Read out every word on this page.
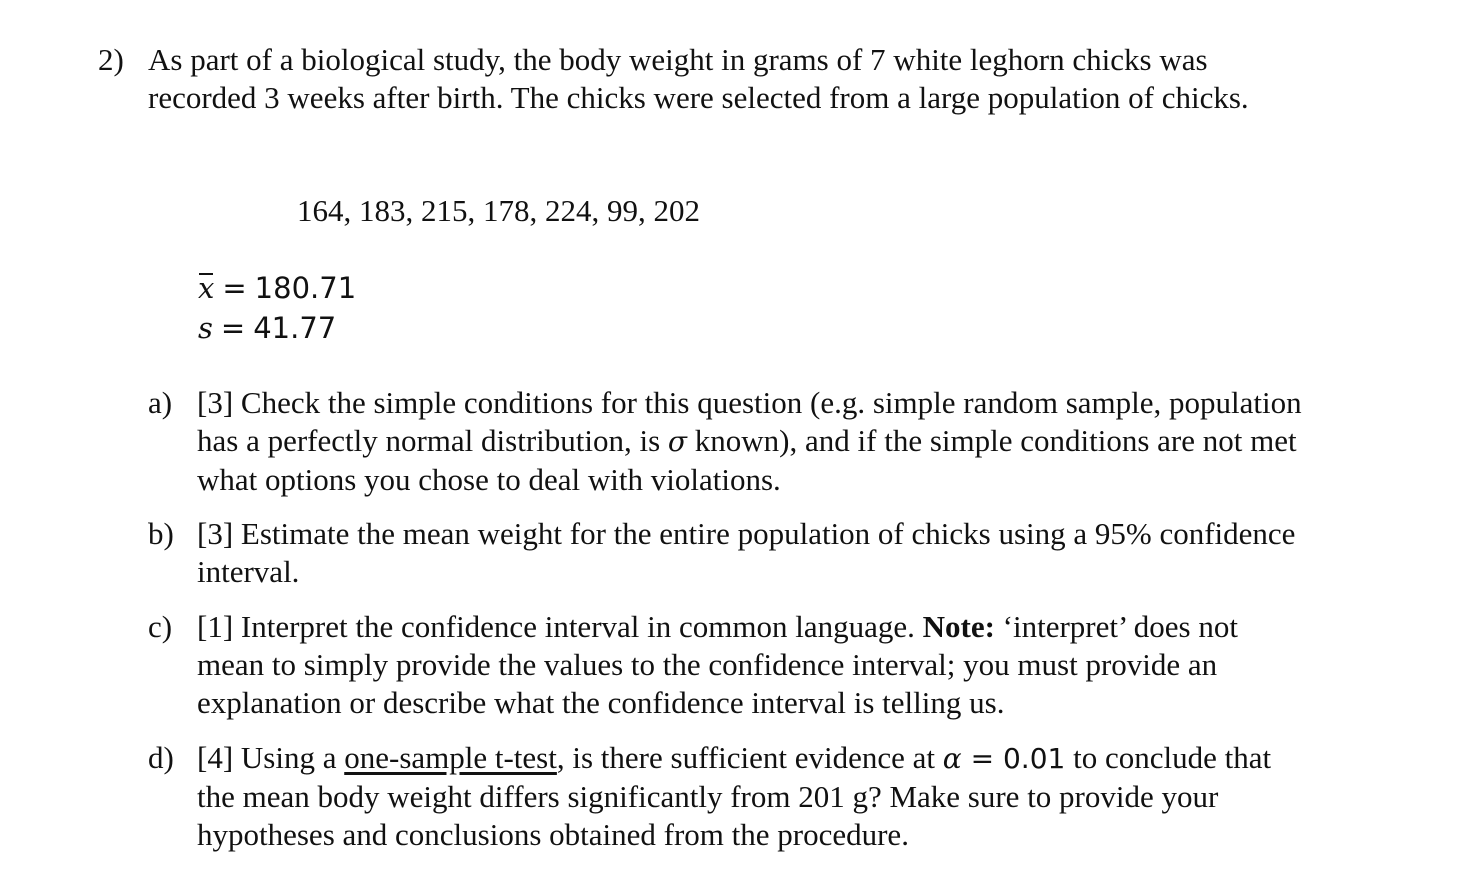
2) As part of a biological study, the body weight in grams of 7 white leghorn chicks was
recorded 3 weeks after birth. The chicks were selected from a large population of chicks.
164, 183, 215, 178, 224, 99, 202
x = 180.71
s = 41.77
a) [3] Check the simple conditions for this question (e.g. simple random sample, population
has a perfectly normal distribution, is σ known), and if the simple conditions are not met
what options you chose to deal with violations.
b) [3] Estimate the mean weight for the entire population of chicks using a 95% confidence
interval.
c) [1] Interpret the confidence interval in common language. Note: ‘interpret’ does not
mean to simply provide the values to the confidence interval; you must provide an
explanation or describe what the confidence interval is telling us.
d) [4] Using a one-sample t-test, is there sufficient evidence at α = 0.01 to conclude that
the mean body weight differs significantly from 201 g? Make sure to provide your
hypotheses and conclusions obtained from the procedure.
